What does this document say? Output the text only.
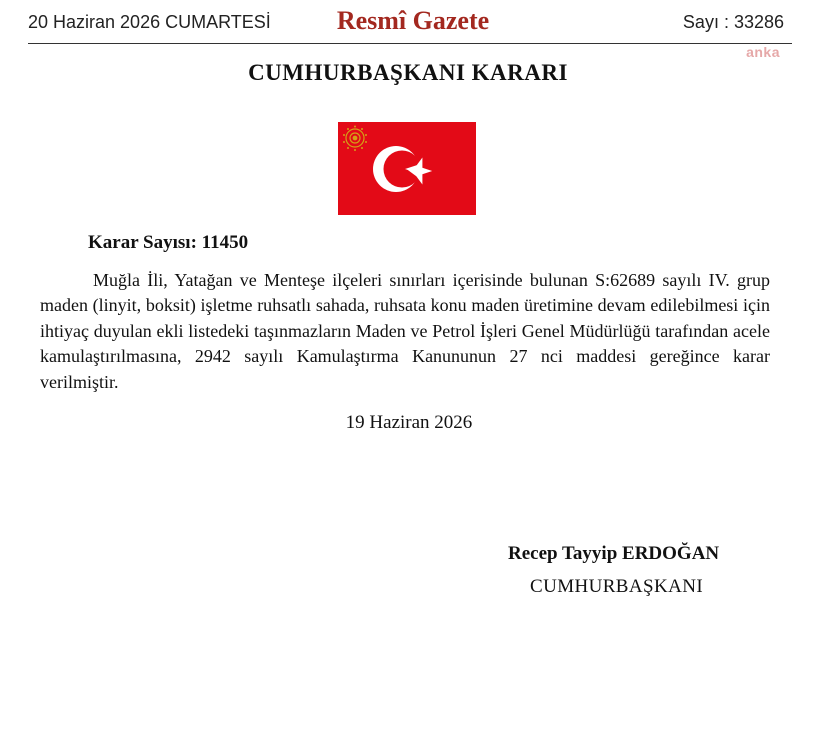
20 Haziran 2026 CUMARTESİ	Resmî Gazete	Sayı : 33286
anka
CUMHURBAŞKANI KARARI
Karar Sayısı: 11450

Muğla İli, Yatağan ve Menteşe ilçeleri sınırları içerisinde bulunan S:62689 sayılı IV. grup maden (linyit, boksit) işletme ruhsatlı sahada, ruhsata konu maden üretimine devam edilebilmesi için ihtiyaç duyulan ekli listedeki taşınmazların Maden ve Petrol İşleri Genel Müdürlüğü tarafından acele kamulaştırılmasına, 2942 sayılı Kamulaştırma Kanununun 27 nci maddesi gereğince karar verilmiştir.

19 Haziran 2026
Recep Tayyip ERDOĞAN
CUMHURBAŞKANI
